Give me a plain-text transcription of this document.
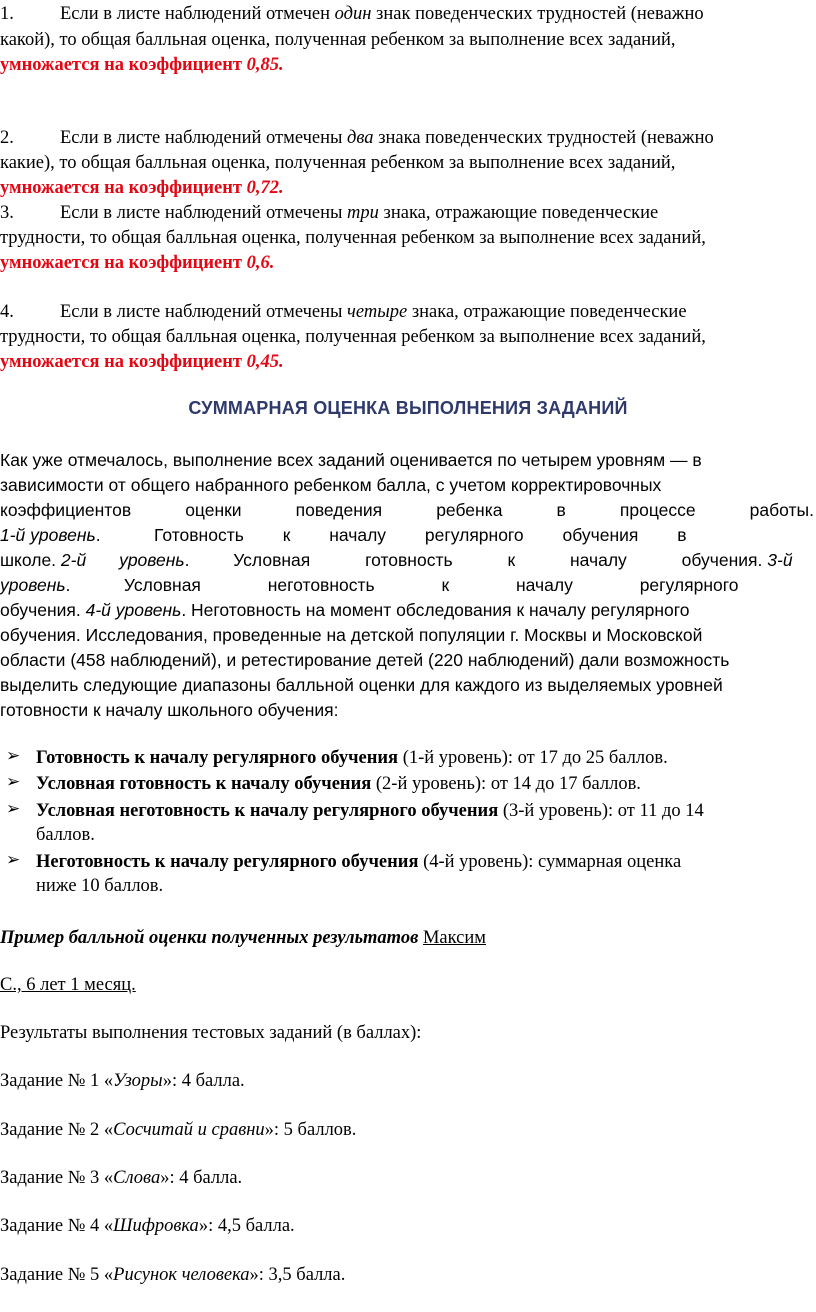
1. Если в листе наблюдений отмечен один знак поведенческих трудностей (неважно
какой), то общая балльная оценка, полученная ребенком за выполнение всех заданий,
умножается на коэффициент 0,85.
2. Если в листе наблюдений отмечены два знака поведенческих трудностей (неважно
какие), то общая балльная оценка, полученная ребенком за выполнение всех заданий,
умножается на коэффициент 0,72.
3. Если в листе наблюдений отмечены три знака, отражающие поведенческие
трудности, то общая балльная оценка, полученная ребенком за выполнение всех заданий,
умножается на коэффициент 0,6.
4. Если в листе наблюдений отмечены четыре знака, отражающие поведенческие
трудности, то общая балльная оценка, полученная ребенком за выполнение всех заданий,
умножается на коэффициент 0,45.
СУММАРНАЯ ОЦЕНКА ВЫПОЛНЕНИЯ ЗАДАНИЙ
Как уже отмечалось, выполнение всех заданий оценивается по четырем уровням — в
зависимости от общего набранного ребенком балла, с учетом корректировочных
коэффициентов	оценки	поведения	ребенка	в	процессе	работы.
1-й уровень.           Готовность к началу регулярного обучения в
школе. 2-й уровень.         Условная готовность к началу обучения. 3-й
уровень.           Условная неготовность к началу регулярного
обучения. 4-й уровень. Неготовность на момент обследования к началу регулярного
обучения. Исследования, проведенные на детской популяции г. Москвы и Московской
области (458 наблюдений), и ретестирование детей (220 наблюдений) дали возможность
выделить следующие диапазоны балльной оценки для каждого из выделяемых уровней
готовности к началу школьного обучения:
➢ Готовность к началу регулярного обучения (1-й уровень): от 17 до 25 баллов.
➢ Условная готовность к началу обучения (2-й уровень): от 14 до 17 баллов.
➢ Условная неготовность к началу регулярного обучения (3-й уровень): от 11 до 14
баллов.
➢ Неготовность к началу регулярного обучения (4-й уровень): суммарная оценка
ниже 10 баллов.
Пример балльной оценки полученных результатов Максим
С., 6 лет 1 месяц.
Результаты выполнения тестовых заданий (в баллах):
Задание № 1 «Узоры»: 4 балла.
Задание № 2 «Сосчитай и сравни»: 5 баллов.
Задание № 3 «Слова»: 4 балла.
Задание № 4 «Шифровка»: 4,5 балла.
Задание № 5 «Рисунок человека»: 3,5 балла.
